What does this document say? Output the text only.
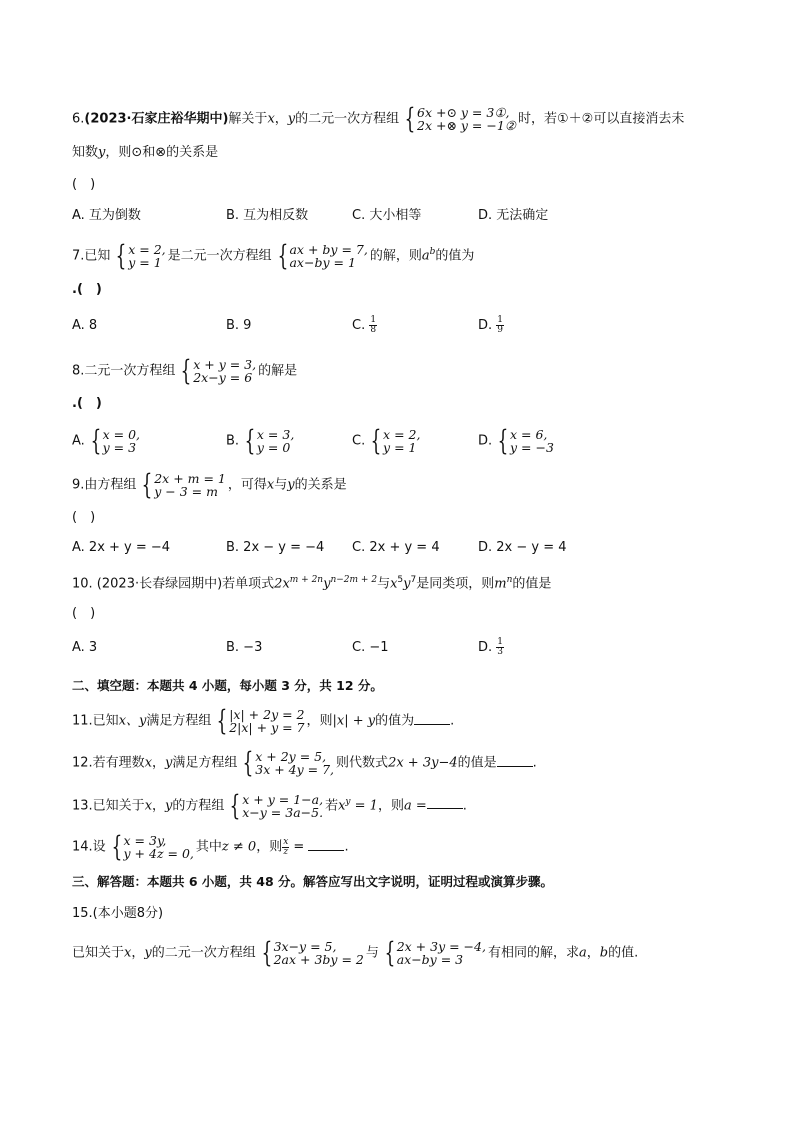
6.(2023·石家庄裕华期中)解关于x，y的二元一次方程组 { 6x +⊙ y = 3①,
2x +⊗ y = −1② 时，若①＋②可以直接消去未
知数y，则⊙和⊗的关系是
(　)
A. 互为倒数	B. 互为相反数	C. 大小相等	D. 无法确定
7.已知 { x = 2,
y = 1 是二元一次方程组 { ax + by = 7,
ax−by = 1	的解，则$a^b$的值为
.(　)
A. 8	B. 9	C. $\frac{1}{8}$	D. $\frac{1}{9}$
8.二元一次方程组 { x + y = 3,
2x−y = 6 的解是
.(　)
A. { x = 0,
y = 3	B. { x = 3,
y = 0	C. { x = 2,
y = 1	D. { x = 6,
y = −3
9.由方程组 { 2x + m = 1
y − 3 = m ，可得x与y的关系是
(　)
A. 2x + y = −4	B. 2x − y = −4 C. 2x + y = 4	D. 2x − y = 4
10. (2023·长春绿园期中)若单项式$2x^{m + 2n}y^{n-2m + 2}$与$x^5y^7$是同类项，则$m^n$的值是
(　)
A. 3	B. −3	C. −1	D. $\frac{1}{3}$
二、填空题：本题共 4 小题，每小题 3 分，共 12 分。
11.已知x、y满足方程组 { |x| + 2y = 2
2|x| + y = 7 ，则|x| + y的值为	.
12.若有理数x，y满足方程组 { x + 2y = 5,
3x + 4y = 7, 则代数式2x + 3y−4的值是	.
13.已知关于x，y的方程组 { x + y = 1−a,
x−y = 3a−5. 若$x^y = 1$，则a =	.
14.设 { x = 3y,
y + 4z = 0, 其中z ≠ 0，则 $\frac{x}{z}$ =	.
三、解答题：本题共 6 小题，共 48 分。解答应写出文字说明，证明过程或演算步骤。
15.(本小题8分)
已知关于x，y的二元一次方程组 { 3x−y = 5,
2ax + 3by = 2 与 { 2x + 3y = −4,
ax−by = 3	有相同的解，求a，b的值.
